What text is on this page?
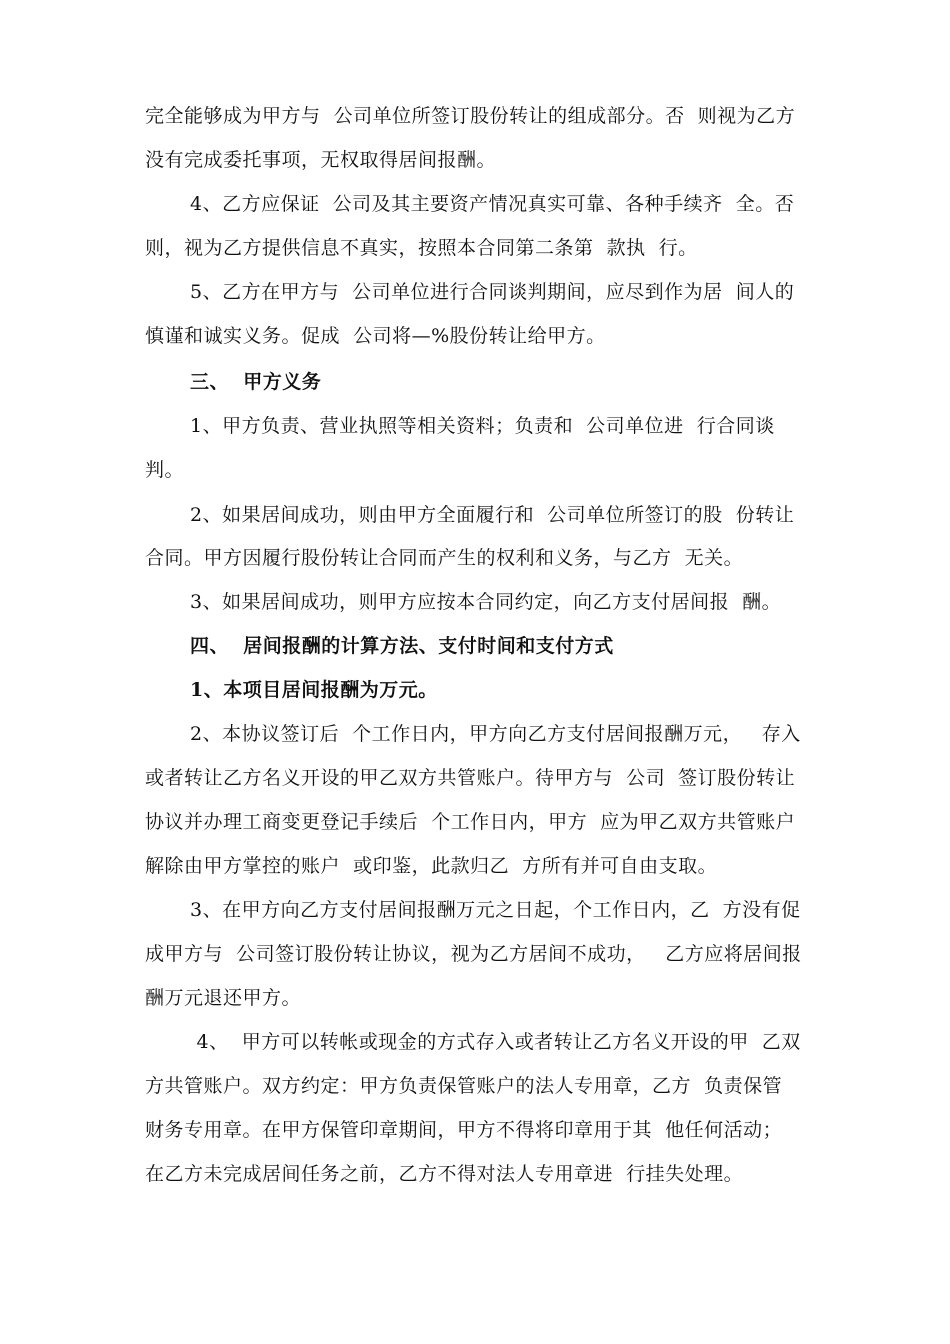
完全能够成为甲方与  公司单位所签订股份转让的组成部分。否  则视为乙方
没有完成委托事项，无权取得居间报酬。
4、乙方应保证  公司及其主要资产情况真实可靠、各种手续齐  全。否
则，视为乙方提供信息不真实，按照本合同第二条第  款执  行。
5、乙方在甲方与  公司单位进行合同谈判期间，应尽到作为居  间人的
慎谨和诚实义务。促成  公司将—%股份转让给甲方。
三、  甲方义务
1、甲方负责、营业执照等相关资料；负责和  公司单位进  行合同谈
判。
2、如果居间成功，则由甲方全面履行和  公司单位所签订的股  份转让
合同。甲方因履行股份转让合同而产生的权利和义务，与乙方  无关。
3、如果居间成功，则甲方应按本合同约定，向乙方支付居间报  酬。
四、  居间报酬的计算方法、支付时间和支付方式
1、本项目居间报酬为万元。
2、本协议签订后  个工作日内，甲方向乙方支付居间报酬万元，   存入
或者转让乙方名义开设的甲乙双方共管账户。待甲方与  公司  签订股份转让
协议并办理工商变更登记手续后  个工作日内，甲方  应为甲乙双方共管账户
解除由甲方掌控的账户  或印鉴，此款归乙  方所有并可自由支取。
3、在甲方向乙方支付居间报酬万元之日起，个工作日内，乙  方没有促
成甲方与  公司签订股份转让协议，视为乙方居间不成功，   乙方应将居间报
酬万元退还甲方。
4、  甲方可以转帐或现金的方式存入或者转让乙方名义开设的甲  乙双
方共管账户。双方约定：甲方负责保管账户的法人专用章，乙方  负责保管
财务专用章。在甲方保管印章期间，甲方不得将印章用于其  他任何活动；
在乙方未完成居间任务之前，乙方不得对法人专用章进  行挂失处理。
